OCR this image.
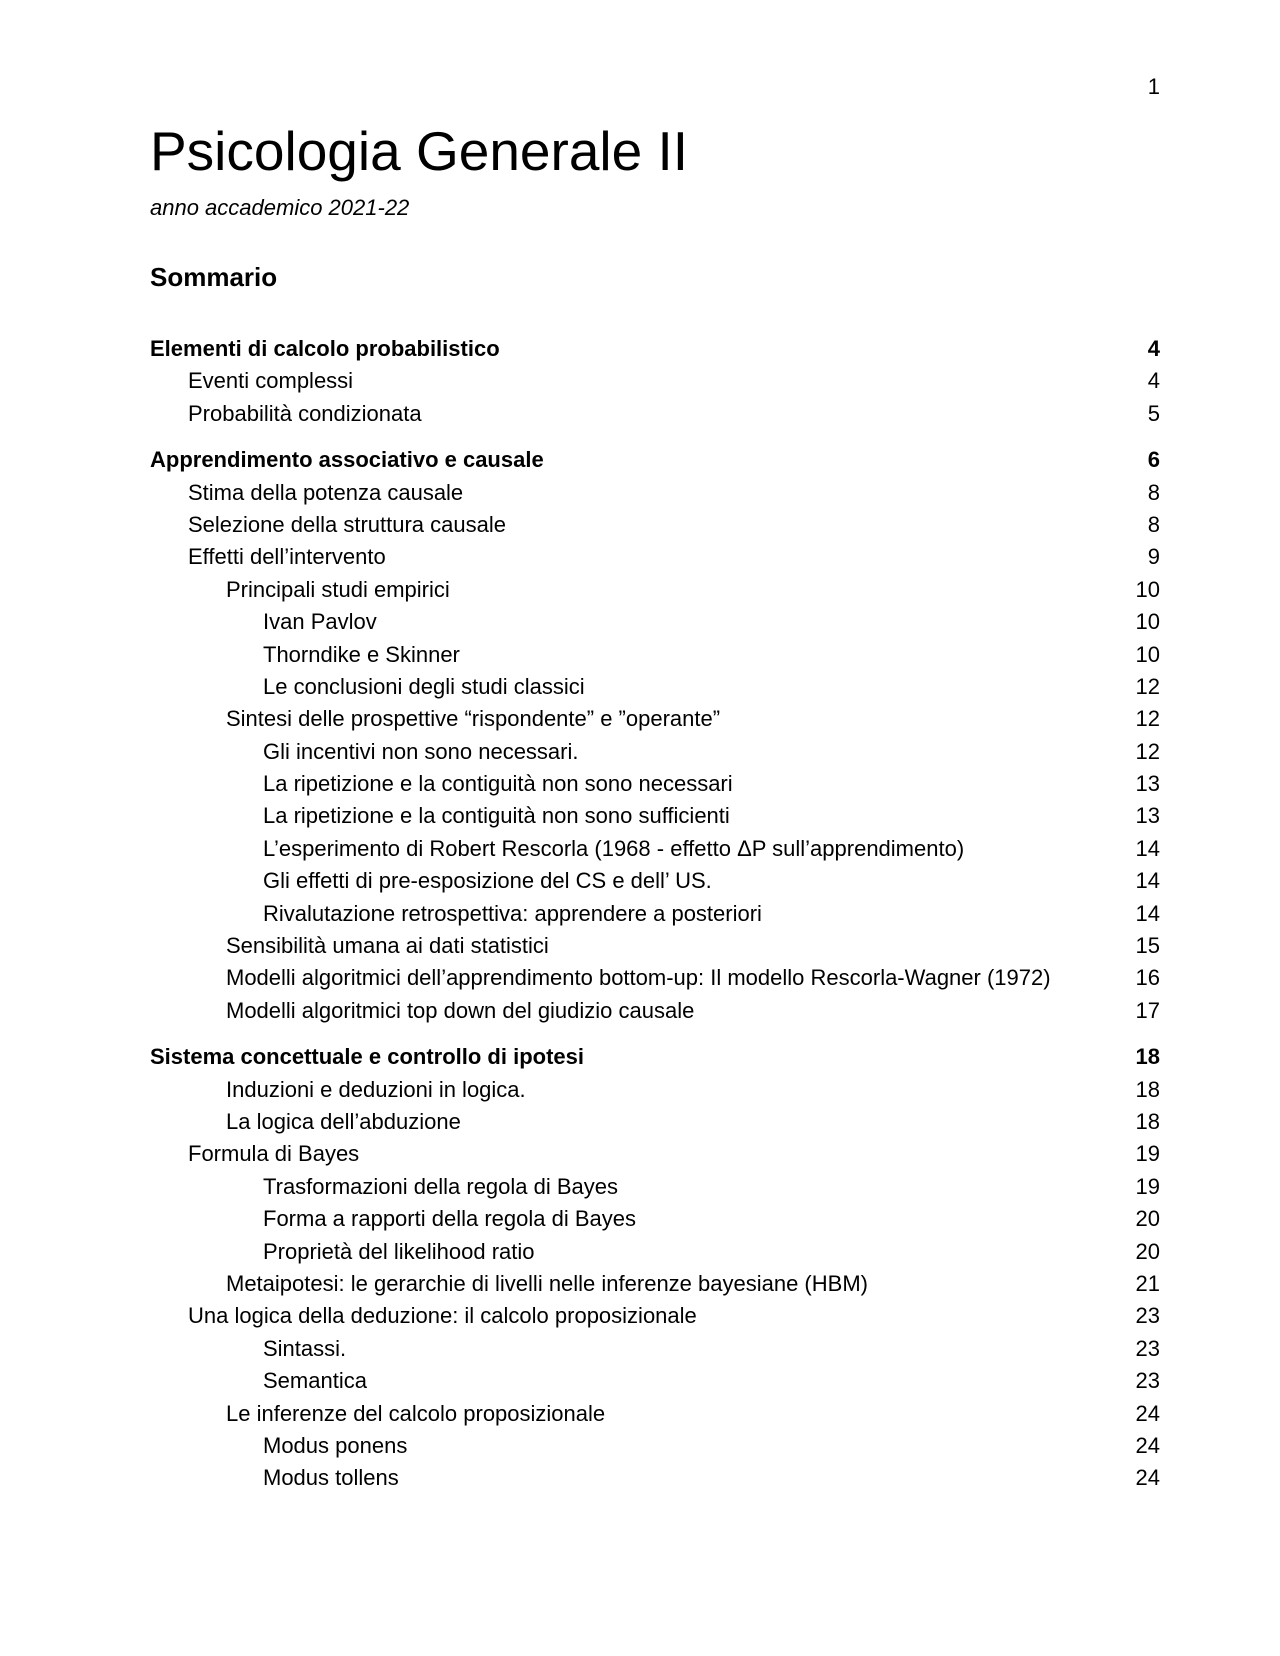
1
Psicologia Generale II
anno accademico 2021-22
Sommario
Elementi di calcolo probabilistico	4
Eventi complessi	4
Probabilità condizionata	5
Apprendimento associativo e causale	6
Stima della potenza causale	8
Selezione della struttura causale	8
Effetti dell’intervento	9
Principali studi empirici	10
Ivan Pavlov	10
Thorndike e Skinner	10
Le conclusioni degli studi classici	12
Sintesi delle prospettive “rispondente” e ”operante”	12
Gli incentivi non sono necessari.	12
La ripetizione e la contiguità non sono necessari	13
La ripetizione e la contiguità non sono sufficienti	13
L’esperimento di Robert Rescorla (1968 - effetto ΔP sull’apprendimento)	14
Gli effetti di pre-esposizione del CS e dell’ US.	14
Rivalutazione retrospettiva: apprendere a posteriori	14
Sensibilità umana ai dati statistici	15
Modelli algoritmici dell’apprendimento bottom-up: Il modello Rescorla-Wagner (1972)	16
Modelli algoritmici top down del giudizio causale	17
Sistema concettuale e controllo di ipotesi	18
Induzioni e deduzioni in logica.	18
La logica dell’abduzione	18
Formula di Bayes	19
Trasformazioni della regola di Bayes	19
Forma a rapporti della regola di Bayes	20
Proprietà del likelihood ratio	20
Metaipotesi: le gerarchie di livelli nelle inferenze bayesiane (HBM)	21
Una logica della deduzione: il calcolo proposizionale	23
Sintassi.	23
Semantica	23
Le inferenze del calcolo proposizionale	24
Modus ponens	24
Modus tollens	24
